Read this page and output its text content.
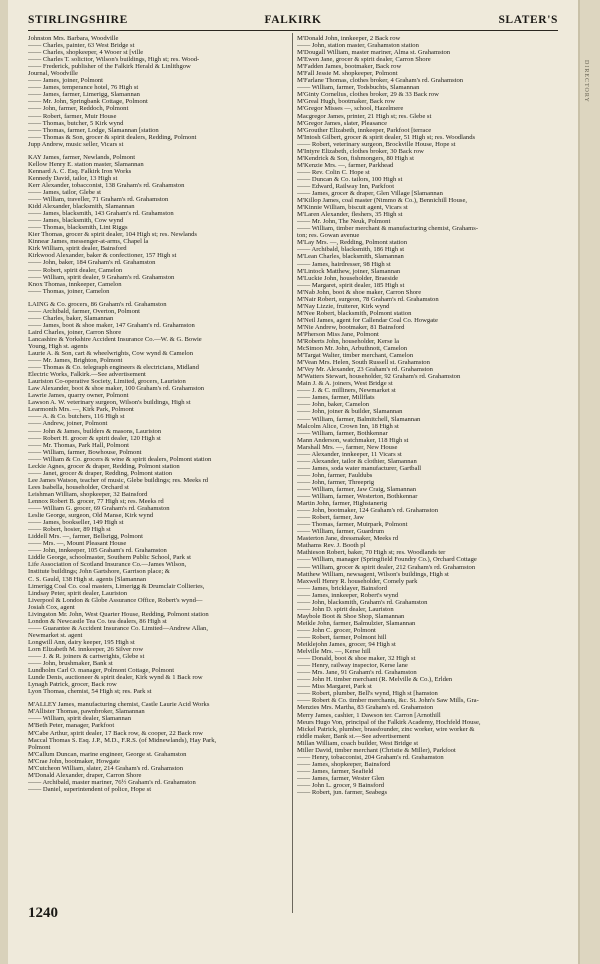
STIRLINGSHIRE	FALKIRK	SLATER'S
Johnston Mrs. Barbara, Woodville
—— Charles, painter, 63 West Bridge st
—— Charles, shopkeeper, 4 Wooer st [ville
—— Charles T. solicitor, Wilson's buildings, High st; res. Wood-
—— Frederick, publisher of the Falkirk Herald & Linlithgow
Journal, Woodville
—— James, joiner, Polmont
—— James, temperance hotel, 76 High st
—— James, farmer, Limerigg, Slamannan
—— Mr. John, Springbank Cottage, Polmont
—— John, farmer, Reddoch, Polmont
—— Robert, farmer, Muir House
—— Thomas, butcher, 5 Kirk wynd
—— Thomas, farmer, Lodge, Slamannan [station
—— Thomas & Son, grocer & spirit dealers, Redding, Polmont
Jupp Andrew, music seller, Vicars st
KAY James, farmer, Newlands, Polmont
Kellow Henry E. station master, Slamannan
Kennard A. C. Esq. Falkirk Iron Works
Kennedy David, tailor, 13 High st
Kerr Alexander, tobacconist, 138 Graham's rd. Grahamston
—— James, tailor, Glebe st
—— William, traveller, 71 Graham's rd. Grahamston
Kidd Alexander, blacksmith, Slamannan
—— James, blacksmith, 143 Graham's rd. Grahamston
—— James, blacksmith, Cow wynd
—— Thomas, blacksmith, Lint Riggs
Kier Thomas, grocer & spirit dealer, 104 High st; res. Newlands
Kinnear James, messenger-at-arms, Chapel la
Kirk William, spirit dealer, Bainsford
Kirkwood Alexander, baker & confectioner, 157 High st
—— John, baker, 184 Graham's rd. Grahamston
—— Robert, spirit dealer, Camelon
—— William, spirit dealer, 9 Graham's rd. Grahamston
Knox Thomas, innkeeper, Camelon
—— Thomas, joiner, Camelon
LAING & Co. grocers, 86 Graham's rd. Grahamston
—— Archibald, farmer, Overton, Polmont
—— Charles, baker, Slamannan
—— James, boot & shoe maker, 147 Graham's rd. Grahamston
Laird Charles, joiner, Carron Shore
Lancashire & Yorkshire Accident Insurance Co.—W. & G. Bowie
Young, High st. agents
Laurie A. & Son, cart & wheelwrights, Cow wynd & Camelon
—— Mr. James, Brighton, Polmont
—— Thomas & Co. telegraph engineers & electricians, Midland
Electric Works, Falkirk.—See advertisement
Lauriston Co-operative Society, Limited, grocers, Lauriston
Law Alexander, boot & shoe maker, 100 Graham's rd. Grahamston
Lawrie James, quarry owner, Polmont
Lawson A. W. veterinary surgeon, Wilson's buildings, High st
Learmonth Mrs. —, Kirk Park, Polmont
—— A. & Co. butchers, 116 High st
—— Andrew, joiner, Polmont
—— John & James, builders & masons, Lauriston
—— Robert H. grocer & spirit dealer, 120 High st
—— Mr. Thomas, Park Hall, Polmont
—— William, farmer, Bowhouse, Polmont
—— William & Co. grocers & wine & spirit dealers, Polmont station
Leckie Agnes, grocer & draper, Redding, Polmont station
—— Janet, grocer & draper, Redding, Polmont station
Lee James Watson, teacher of music, Glebe buildings; res. Meeks rd
Lees Isabella, householder, Orchard st
Leishman William, shopkeeper, 32 Bainsford
Lennox Robert B. grocer, 77 High st; res. Meeks rd
—— William G. grocer, 69 Graham's rd. Grahamston
Leslie George, surgeon, Old Manse, Kirk wynd
—— James, bookseller, 149 High st
—— Robert, hosier, 89 High st
Liddell Mrs. —, farmer, Bellsrigg, Polmont
—— Mrs. —, Mount Pleasant House
—— John, innkeeper, 105 Graham's rd. Grahamston
Liddle George, schoolmaster, Southern Public School, Park st
Life Association of Scotland Insurance Co.—James Wilson,
Institute buildings; John Gartshore, Garrison place; &
C. S. Gauld, 138 High st. agents [Slamannan
Limerigg Coal Co. coal masters, Limerigg & Drumclair Collieries,
Lindsay Peter, spirit dealer, Lauriston
Liverpool & London & Globe Assurance Office, Robert's wynd—
Josiah Cox, agent
Livingston Mr. John, West Quarter House, Redding, Polmont station
London & Newcastle Tea Co. tea dealers, 86 High st
—— Guarantee & Accident Insurance Co. Limited—Andrew Allan,
Newmarket st. agent
Longwill Ann, dairy keeper, 195 High st
Lorn Elizabeth M. innkeeper, 26 Silver row
—— J. & R. joiners & cartwrights, Glebe st
—— John, brushmaker, Bank st
Lundholm Carl O. manager, Polmont Cottage, Polmont
Lunde Denis, auctioneer & spirit dealer, Kirk wynd & 1 Back row
Lynagh Patrick, grocer, Back row
Lyon Thomas, chemist, 54 High st; res. Park st
M'ALLEY James, manufacturing chemist, Castle Laurie Acid Works
M'Allister Thomas, pawnbroker, Slamannan
—— William, spirit dealer, Slamannan
M'Beth Peter, manager, Parkfoot
M'Cabe Arthur, spirit dealer, 17 Back row, & cooper, 22 Back row
Maccal Thomas S. Esq. J.P., M.D., F.R.S. (of Midnewlands), Hay Park,
Polmont
M'Callum Duncan, marine engineer, George st. Grahamston
M'Crae John, bootmaker, Howgate
M'Cutcheon William, slater, 214 Graham's rd. Grahamston
M'Donald Alexander, draper, Carron Shore
—— Archibald, master mariner, 76½ Graham's rd. Grahamston
—— Daniel, superintendent of police, Hope st
M'Donald John, innkeeper, 2 Back row
—— John, station master, Grahamston station
M'Dougall William, master mariner, Alma st. Grahamston
M'Ewen Jane, grocer & spirit dealer, Carron Shore
M'Fadden James, bootmaker, Back row
M'Fall Jessie M. shopkeeper, Polmont
M'Farlane Thomas, clothes broker, 4 Graham's rd. Grahamston
—— William, farmer, Todsbuchts, Slamannan
M'Ginty Cornelius, clothes broker, 29 & 33 Back row
M'Greal Hugh, bootmaker, Back row
M'Gregor Misses —, school, Hazelmere
Macgregor James, printer, 21 High st; res. Glebe st
M'Gregor James, slater, Pleasance
M'Grouther Elizabeth, innkeeper, Parkfoot [terrace
M'Intosh Gilbert, grocer & spirit dealer, 51 High st; res. Woodlands
—— Robert, veterinary surgeon, Brockville House, Hope st
M'Intyre Elizabeth, clothes broker, 30 Back row
M'Kendrick & Son, fishmongers, 80 High st
M'Kenzie Mrs. —, farmer, Parkhead
—— Rev. Colin C. Hope st
—— Duncan & Co. tailors, 100 High st
—— Edward, Railway Inn, Parkfoot
—— James, grocer & draper, Glen Village [Slamannan
M'Killop James, coal master (Nimmo & Co.), Bennichill House,
M'Kinnie William, biscuit agent, Vicars st
M'Laren Alexander, fleshers, 35 High st
—— Mr. John, The Neuk, Polmont
—— William, timber merchant & manufacturing chemist, Grahams-
ton; res. Gowan avenue
M'Lay Mrs. —, Redding, Polmont station
—— Archibald, blacksmith, 186 High st
M'Lean Charles, blacksmith, Slamannan
—— James, hairdresser, 98 High st
M'Lintock Matthew, joiner, Slamannan
M'Luckie John, householder, Braeside
—— Margaret, spirit dealer, 185 High st
M'Nab John, boot & shoe maker, Carron Shore
M'Nair Robert, surgeon, 78 Graham's rd. Grahamston
M'Nay Lizzie, fruiterer, Kirk wynd
M'Nee Robert, blacksmith, Polmont station
M'Neil James, agent for Callendar Coal Co. Howgate
M'Nie Andrew, bootmaker, 81 Bainsford
M'Pherson Miss Jane, Polmont
M'Roberts John, householder, Kerse la
McSimon Mr. John, Arbuthnott, Camelon
M'Targat Walter, timber merchant, Camelon
M'Vean Mrs. Helen, South Russell st. Grahamston
M'Vey Mr. Alexander, 23 Graham's rd. Grahamston
M'Watters Stewart, householder, 92 Graham's rd. Grahamston
Main J. & A. joiners, West Bridge st
—— J. & C. milliners, Newmarket st
—— James, farmer, Millflats
—— John, baker, Camelon
—— John, joiner & builder, Slamannan
—— William, farmer, Balmitchell, Slamannan
Malcolm Alice, Crown Inn, 18 High st
—— William, farmer, Bothkennar
Mann Anderson, watchmaker, 118 High st
Marshall Mrs. —, farmer, New House
—— Alexander, innkeeper, 11 Vicars st
—— Alexander, tailor & clothier, Slamannan
—— James, soda water manufacturer, Gartball
—— John, farmer, Fauldubs
—— John, farmer, Threeprig
—— William, farmer, Jaw Craig, Slamannan
—— William, farmer, Westerton, Bothkennar
Martin John, farmer, Highstanerig
—— John, bootmaker, 124 Graham's rd. Grahamston
—— Robert, farmer, Jaw
—— Thomas, farmer, Muirpark, Polmont
—— William, farmer, Guardrum
Masterton Jane, dressmaker, Meeks rd
Mathams Rev. J. Booth pl
Mathieson Robert, baker, 70 High st; res. Woodlands ter
—— William, manager (Springfield Foundry Co.), Orchard Cottage
—— William, grocer & spirit dealer, 212 Graham's rd. Grahamston
Matthew William, newsagent, Wilson's buildings, High st
Maxwell Henry R. householder, Comely park
—— James, bricklayer, Bainsford
—— James, innkeeper, Robert's wynd
—— John, blacksmith, Graham's rd. Grahamston
—— John D. spirit dealer, Lauriston
Maybole Boot & Shoe Shop, Slamannan
Meikle John, farmer, Balmulzier, Slamannan
—— John C. grocer, Polmont
—— Robert, farmer, Polmont hill
Meiklejohn James, grocer, 94 High st
Melville Mrs. —, Kerse hill
—— Donald, boot & shoe maker, 32 High st
—— Henry, railway inspector, Kerse lane
—— Mrs. Jane, 91 Graham's rd. Grahamston
—— John H. timber merchant (R. Melville & Co.), Erlden
—— Miss Margaret, Park st
—— Robert, plumber, Bell's wynd, High st [hamston
—— Robert & Co. timber merchants, &c. St. John's Saw Mills, Gra-
Menzies Mrs. Martha, 83 Graham's rd. Grahamston
Merry James, cashier, 1 Dawson ter. Carron [Arnothill
Meurs Hugo Von, principal of the Falkirk Academy, Hochfeld House,
Mickel Patrick, plumber, brassfounder, zinc worker, wire worker &
riddle maker, Bank st.—See advertisement
Millan William, coach builder, West Bridge st
Miller David, timber merchant (Christie & Miller), Parkfoot
—— Henry, tobacconist, 204 Graham's rd. Grahamston
—— James, shopkeeper, Bainsford
—— James, farmer, Seafield
—— James, farmer, Wester Glen
—— John L. grocer, 9 Bainsford
—— Robert, jun. farmer, Seabegs
1240
DIRECTORY
